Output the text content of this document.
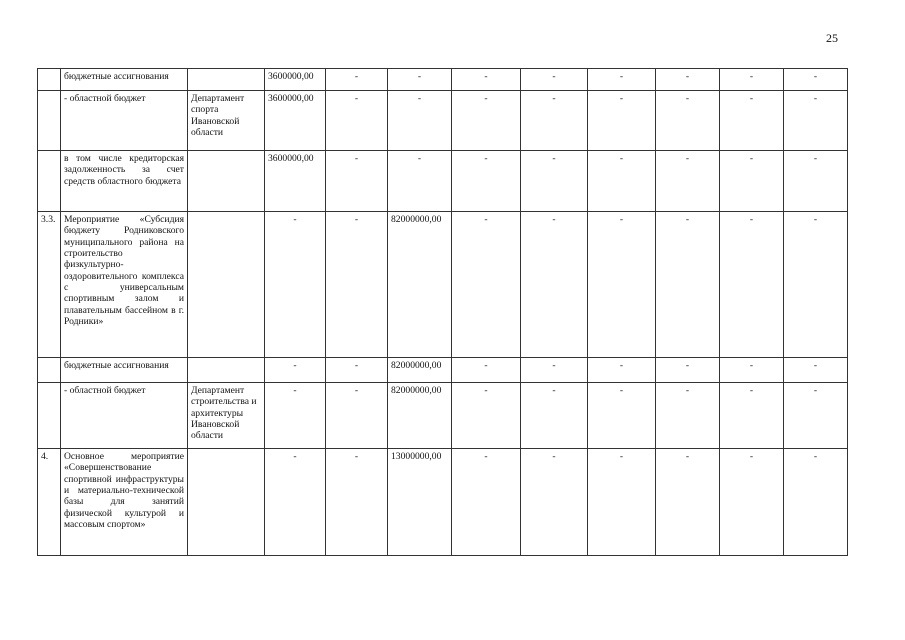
25
	бюджетные ассигнования		3600000,00	-	-	-	-	-	-	-	-
	- областной бюджет	Департамент спорта Ивановской области	3600000,00	-	-	-	-	-	-	-	-
	в том числе кредиторская задолженность за счет средств областного бюджета		3600000,00	-	-	-	-	-	-	-	-
3.3.	Мероприятие «Субсидия бюджету Родниковского муниципального района на строительство физкультурно-оздоровительного комплекса с универсальным спортивным залом и плавательным бассейном в г. Родники»		-	-	82000000,00	-	-	-	-	-	-
	бюджетные ассигнования		-	-	82000000,00	-	-	-	-	-	-
	- областной бюджет	Департамент строительства и архитектуры Ивановской области	-	-	82000000,00	-	-	-	-	-	-
4.	Основное мероприятие «Совершенствование спортивной инфраструктуры и материально-технической базы для занятий физической культурой и массовым спортом»		-	-	13000000,00	-	-	-	-	-	-
